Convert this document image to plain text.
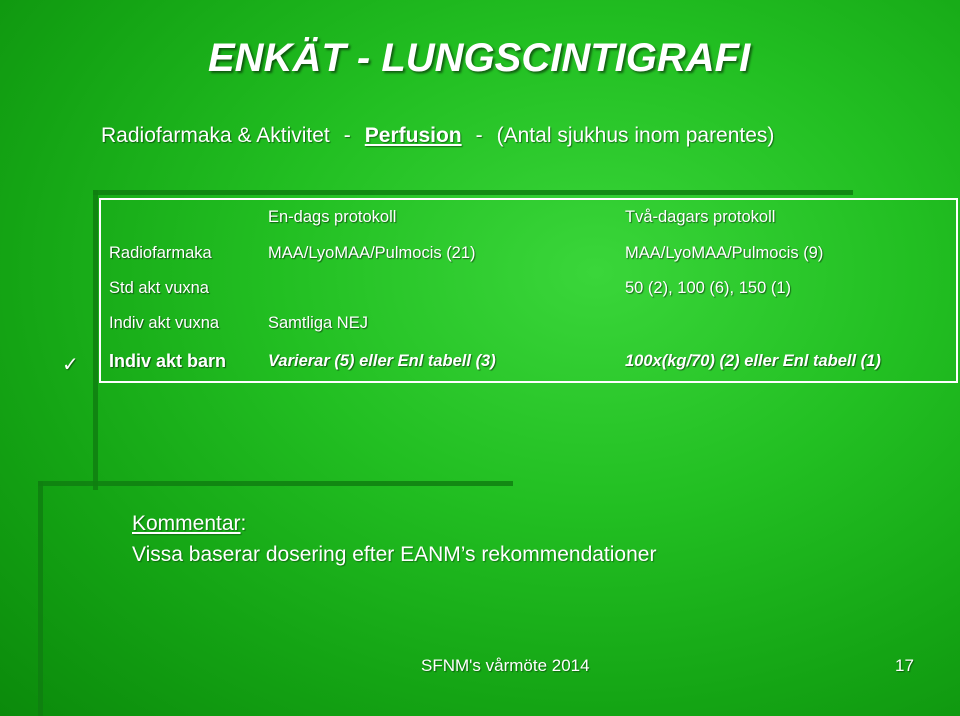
ENKÄT - LUNGSCINTIGRAFI
Radiofarmaka & Aktivitet - Perfusion - (Antal sjukhus inom parentes)
	En-dags protokoll	Två-dagars protokoll
Radiofarmaka	MAA/LyoMAA/Pulmocis (21)	MAA/LyoMAA/Pulmocis (9)
Std akt vuxna		50 (2), 100 (6), 150 (1)
Indiv akt vuxna	Samtliga NEJ	
Indiv akt barn	Varierar (5) eller Enl tabell (3)	100x(kg/70) (2) eller Enl tabell (1)
✓
Kommentar:
Vissa baserar dosering efter EANM’s rekommendationer
SFNM's vårmöte 2014	17
